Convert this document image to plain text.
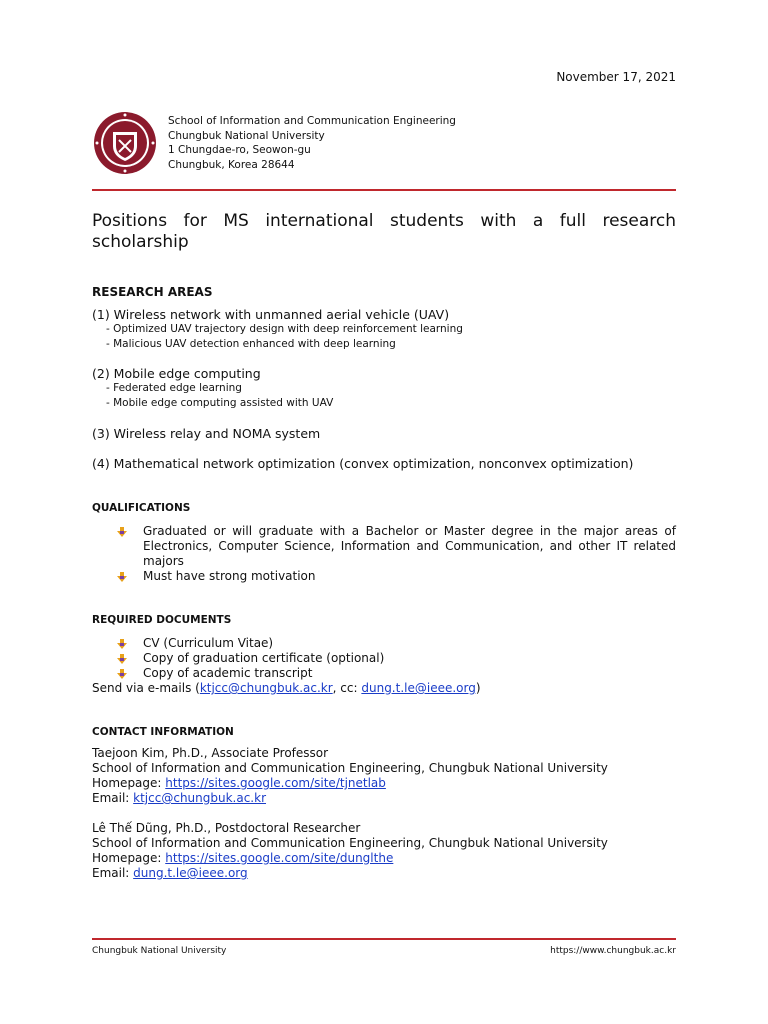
November 17, 2021
School of Information and Communication Engineering
Chungbuk National University
1 Chungdae-ro, Seowon-gu
Chungbuk, Korea 28644
Positions for MS international students with a full research
scholarship
RESEARCH AREAS
(1) Wireless network with unmanned aerial vehicle (UAV)
- Optimized UAV trajectory design with deep reinforcement learning
- Malicious UAV detection enhanced with deep learning
(2) Mobile edge computing
- Federated edge learning
- Mobile edge computing assisted with UAV
(3) Wireless relay and NOMA system
(4) Mathematical network optimization (convex optimization, nonconvex optimization)
QUALIFICATIONS
Graduated or will graduate with a Bachelor or Master degree in the major areas of Electronics, Computer Science, Information and Communication, and other IT related majors
Must have strong motivation
REQUIRED DOCUMENTS
CV (Curriculum Vitae)
Copy of graduation certificate (optional)
Copy of academic transcript
Send via e-mails (ktjcc@chungbuk.ac.kr, cc: dung.t.le@ieee.org)
CONTACT INFORMATION
Taejoon Kim, Ph.D., Associate Professor
School of Information and Communication Engineering, Chungbuk National University
Homepage: https://sites.google.com/site/tjnetlab
Email: ktjcc@chungbuk.ac.kr
Lê Thế Dũng, Ph.D., Postdoctoral Researcher
School of Information and Communication Engineering, Chungbuk National University
Homepage: https://sites.google.com/site/dunglthe
Email: dung.t.le@ieee.org
Chungbuk National University	https://www.chungbuk.ac.kr
